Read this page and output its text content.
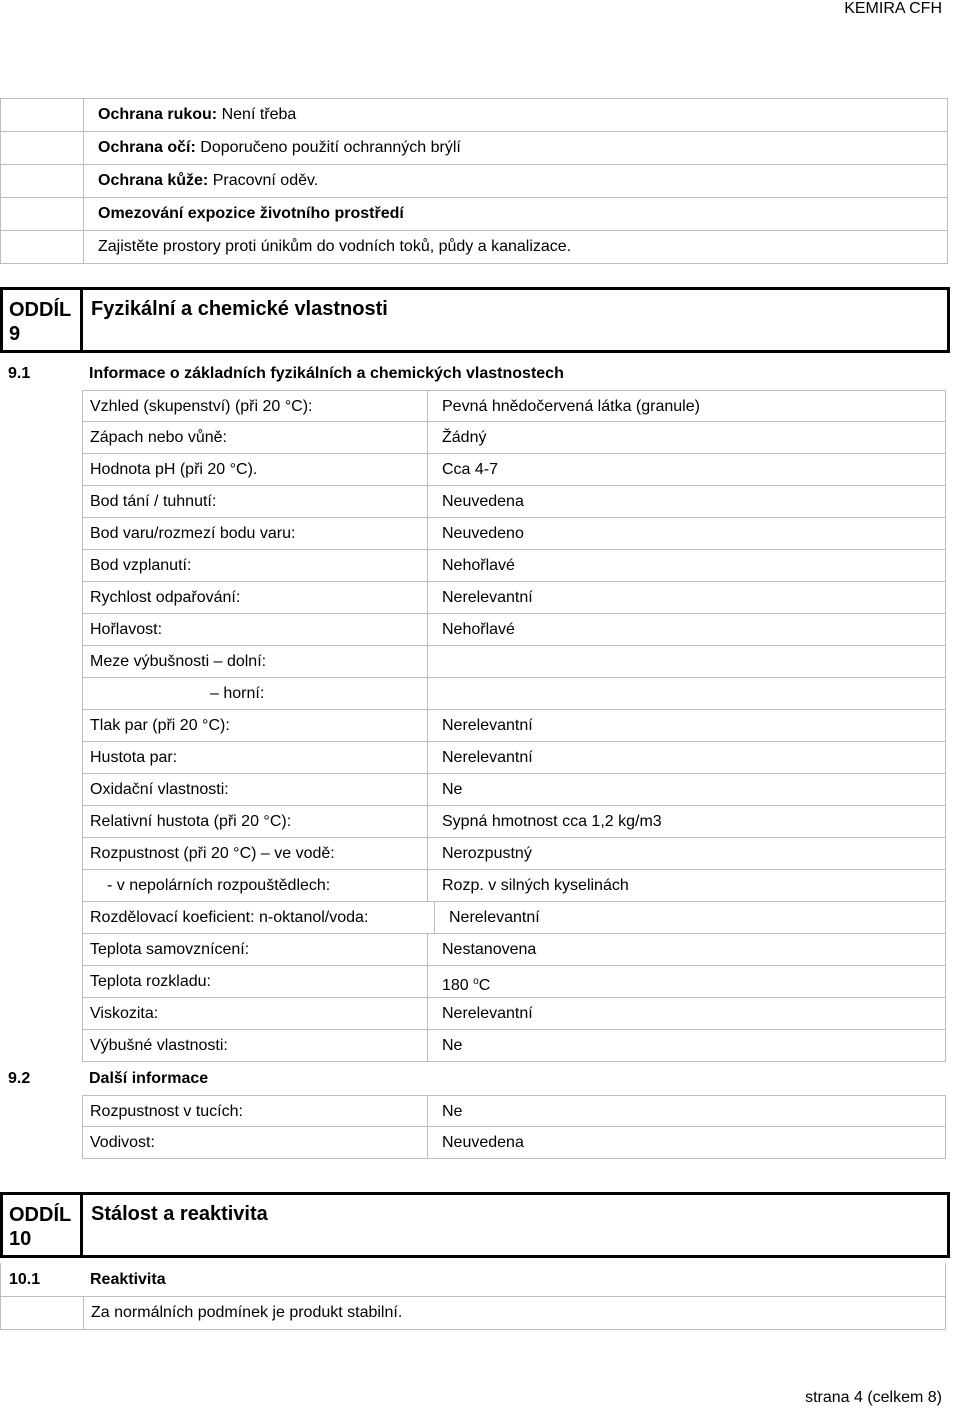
KEMIRA CFH
Ochrana rukou: Není třeba
Ochrana očí: Doporučeno použití ochranných brýlí
Ochrana kůže: Pracovní oděv.
Omezování expozice životního prostředí
Zajistěte prostory proti únikům do vodních toků, půdy a kanalizace.
ODDÍL 9
Fyzikální a chemické vlastnosti
9.1	Informace o základních fyzikálních a chemických vlastnostech
Vzhled (skupenství) (při 20 °C):	Pevná hnědočervená látka (granule)
Zápach nebo vůně:	Žádný
Hodnota pH (při 20 °C).	Cca 4-7
Bod tání / tuhnutí:	Neuvedena
Bod varu/rozmezí bodu varu:	Neuvedeno
Bod vzplanutí:	Nehořlavé
Rychlost odpařování:	Nerelevantní
Hořlavost:	Nehořlavé
Meze výbušnosti – dolní:
– horní:
Tlak par (při 20 °C):	Nerelevantní
Hustota par:	Nerelevantní
Oxidační vlastnosti:	Ne
Relativní hustota (při 20 °C):	Sypná hmotnost cca 1,2 kg/m3
Rozpustnost (při 20 °C) – ve vodě:	Nerozpustný
- v nepolárních rozpouštědlech:	Rozp. v silných kyselinách
Rozdělovací koeficient: n-oktanol/voda:	Nerelevantní
Teplota samovznícení:	Nestanovena
Teplota rozkladu:	180 $^o$C
Viskozita:	Nerelevantní
Výbušné vlastnosti:	Ne
9.2	Další informace
Rozpustnost v tucích:	Ne
Vodivost:	Neuvedena
ODDÍL 10
Stálost a reaktivita
10.1	Reaktivita
Za normálních podmínek je produkt stabilní.
strana 4 (celkem 8)
